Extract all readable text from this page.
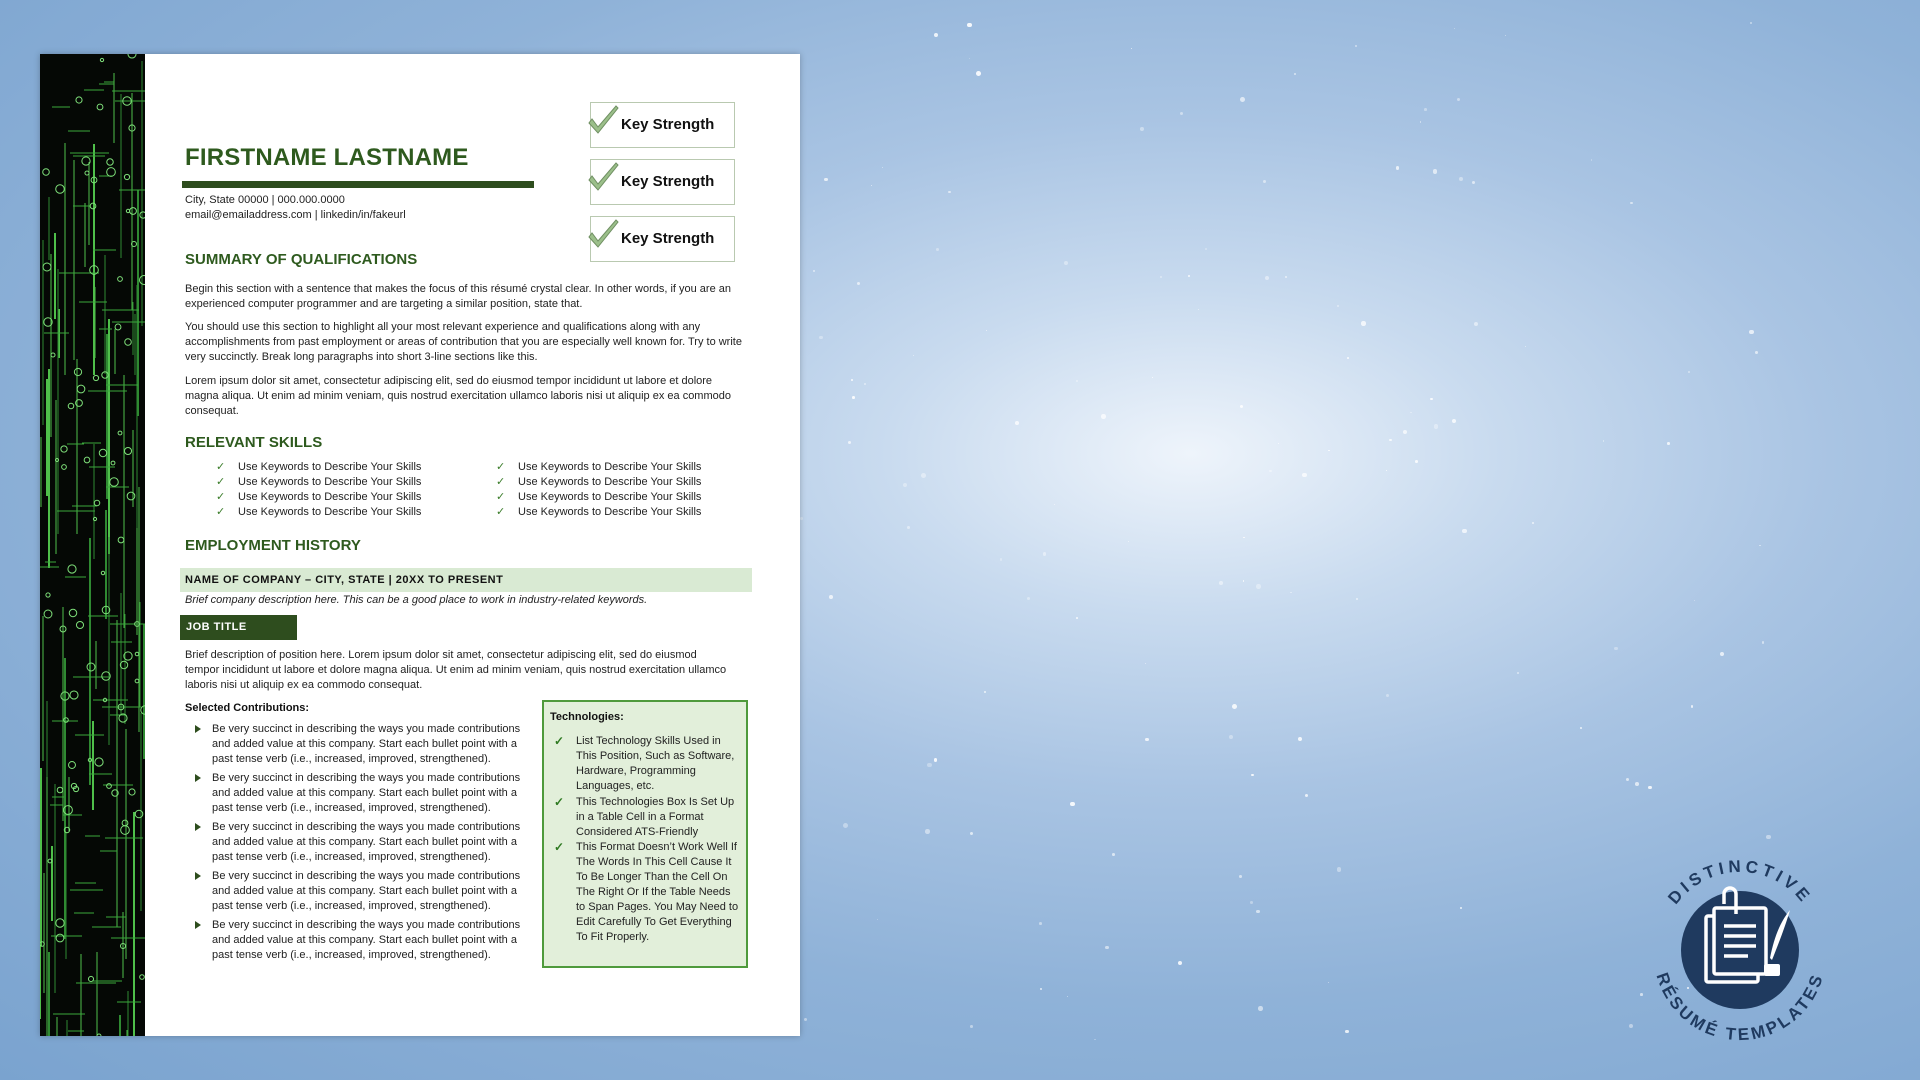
FIRSTNAME LASTNAME
City, State 00000 | 000.000.0000
email@emailaddress.com | linkedin/in/fakeurl
Key Strength
Key Strength
Key Strength
SUMMARY OF QUALIFICATIONS
Begin this section with a sentence that makes the focus of this résumé crystal clear. In other words, if you are an experienced computer programmer and are targeting a similar position, state that.
You should use this section to highlight all your most relevant experience and qualifications along with any accomplishments from past employment or areas of contribution that you are especially well known for. Try to write very succinctly. Break long paragraphs into short 3-line sections like this.
Lorem ipsum dolor sit amet, consectetur adipiscing elit, sed do eiusmod tempor incididunt ut labore et dolore magna aliqua. Ut enim ad minim veniam, quis nostrud exercitation ullamco laboris nisi ut aliquip ex ea commodo consequat.
RELEVANT SKILLS
✓ Use Keywords to Describe Your Skills
✓ Use Keywords to Describe Your Skills
✓ Use Keywords to Describe Your Skills
✓ Use Keywords to Describe Your Skills
✓ Use Keywords to Describe Your Skills
✓ Use Keywords to Describe Your Skills
✓ Use Keywords to Describe Your Skills
✓ Use Keywords to Describe Your Skills
EMPLOYMENT HISTORY
NAME OF COMPANY – CITY, STATE | 20XX TO PRESENT
Brief company description here. This can be a good place to work in industry-related keywords.
JOB TITLE
Brief description of position here. Lorem ipsum dolor sit amet, consectetur adipiscing elit, sed do eiusmod tempor incididunt ut labore et dolore magna aliqua. Ut enim ad minim veniam, quis nostrud exercitation ullamco laboris nisi ut aliquip ex ea commodo consequat.
Selected Contributions:
Be very succinct in describing the ways you made contributions and added value at this company. Start each bullet point with a past tense verb (i.e., increased, improved, strengthened).
Be very succinct in describing the ways you made contributions and added value at this company. Start each bullet point with a past tense verb (i.e., increased, improved, strengthened).
Be very succinct in describing the ways you made contributions and added value at this company. Start each bullet point with a past tense verb (i.e., increased, improved, strengthened).
Be very succinct in describing the ways you made contributions and added value at this company. Start each bullet point with a past tense verb (i.e., increased, improved, strengthened).
Be very succinct in describing the ways you made contributions and added value at this company. Start each bullet point with a past tense verb (i.e., increased, improved, strengthened).
Technologies:
✓ List Technology Skills Used in This Position, Such as Software, Hardware, Programming Languages, etc.
✓ This Technologies Box Is Set Up in a Table Cell in a Format Considered ATS-Friendly
✓ This Format Doesn’t Work Well If The Words In This Cell Cause It To Be Longer Than the Cell On The Right Or If the Table Needs to Span Pages. You May Need to Edit Carefully To Get Everything To Fit Properly.
DISTINCTIVE
RÉSUMÉ TEMPLATES
